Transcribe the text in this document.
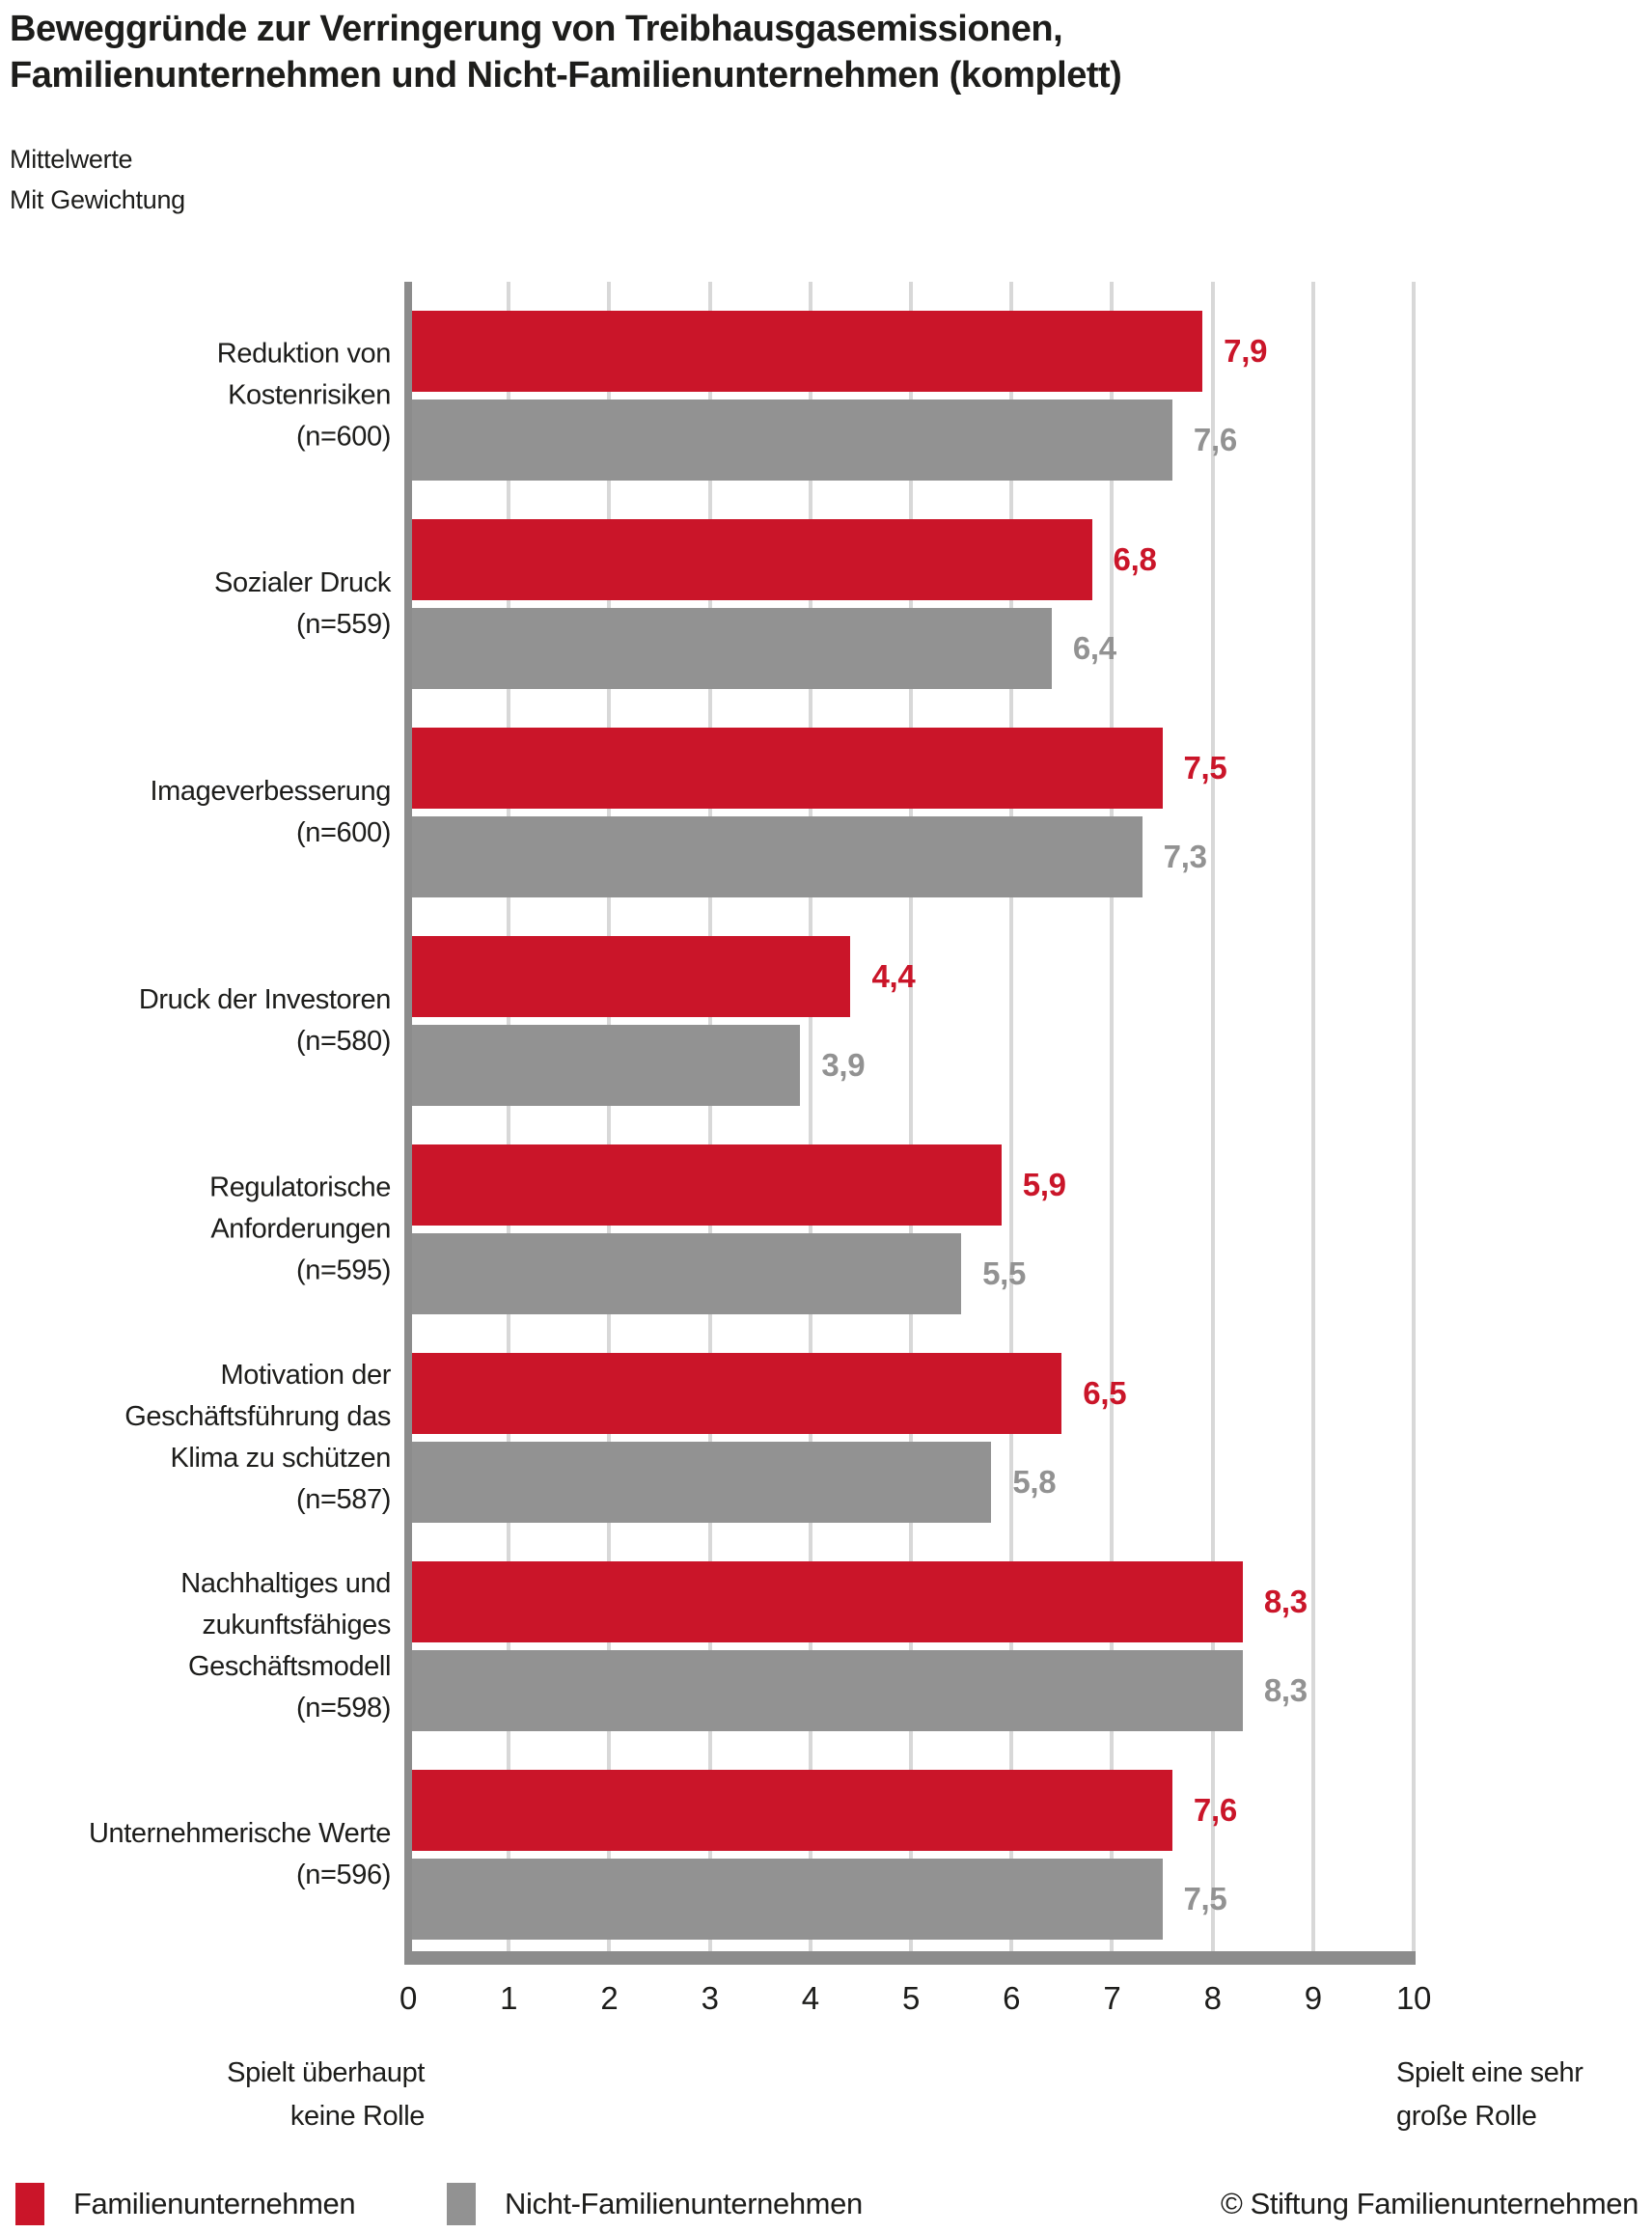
Beweggründe zur Verringerung von Treibhausgasemissionen,
Familienunternehmen und Nicht-Familienunternehmen (komplett)
Mittelwerte
Mit Gewichtung
7,9
7,6
6,8
6,4
7,5
7,3
4,4
3,9
5,9
5,5
6,5
5,8
8,3
8,3
7,6
7,5
Spielt überhaupt
keine Rolle
Spielt eine sehr
große Rolle
Familienunternehmen	Nicht-Familienunternehmen	© Stiftung Familienunternehmen
Reduktion von
Kostenrisiken
(n=600)
Sozialer Druck
(n=559)
Imageverbesserung
(n=600)
Druck der Investoren
(n=580)
Regulatorische
Anforderungen
(n=595)
Motivation der
Geschäftsführung das
Klima zu schützen
(n=587)
Nachhaltiges und
zukunftsfähiges
Geschäftsmodell
(n=598)
Unternehmerische Werte
(n=596)
0	1	2	3	4	5	6	7	8	9 10
